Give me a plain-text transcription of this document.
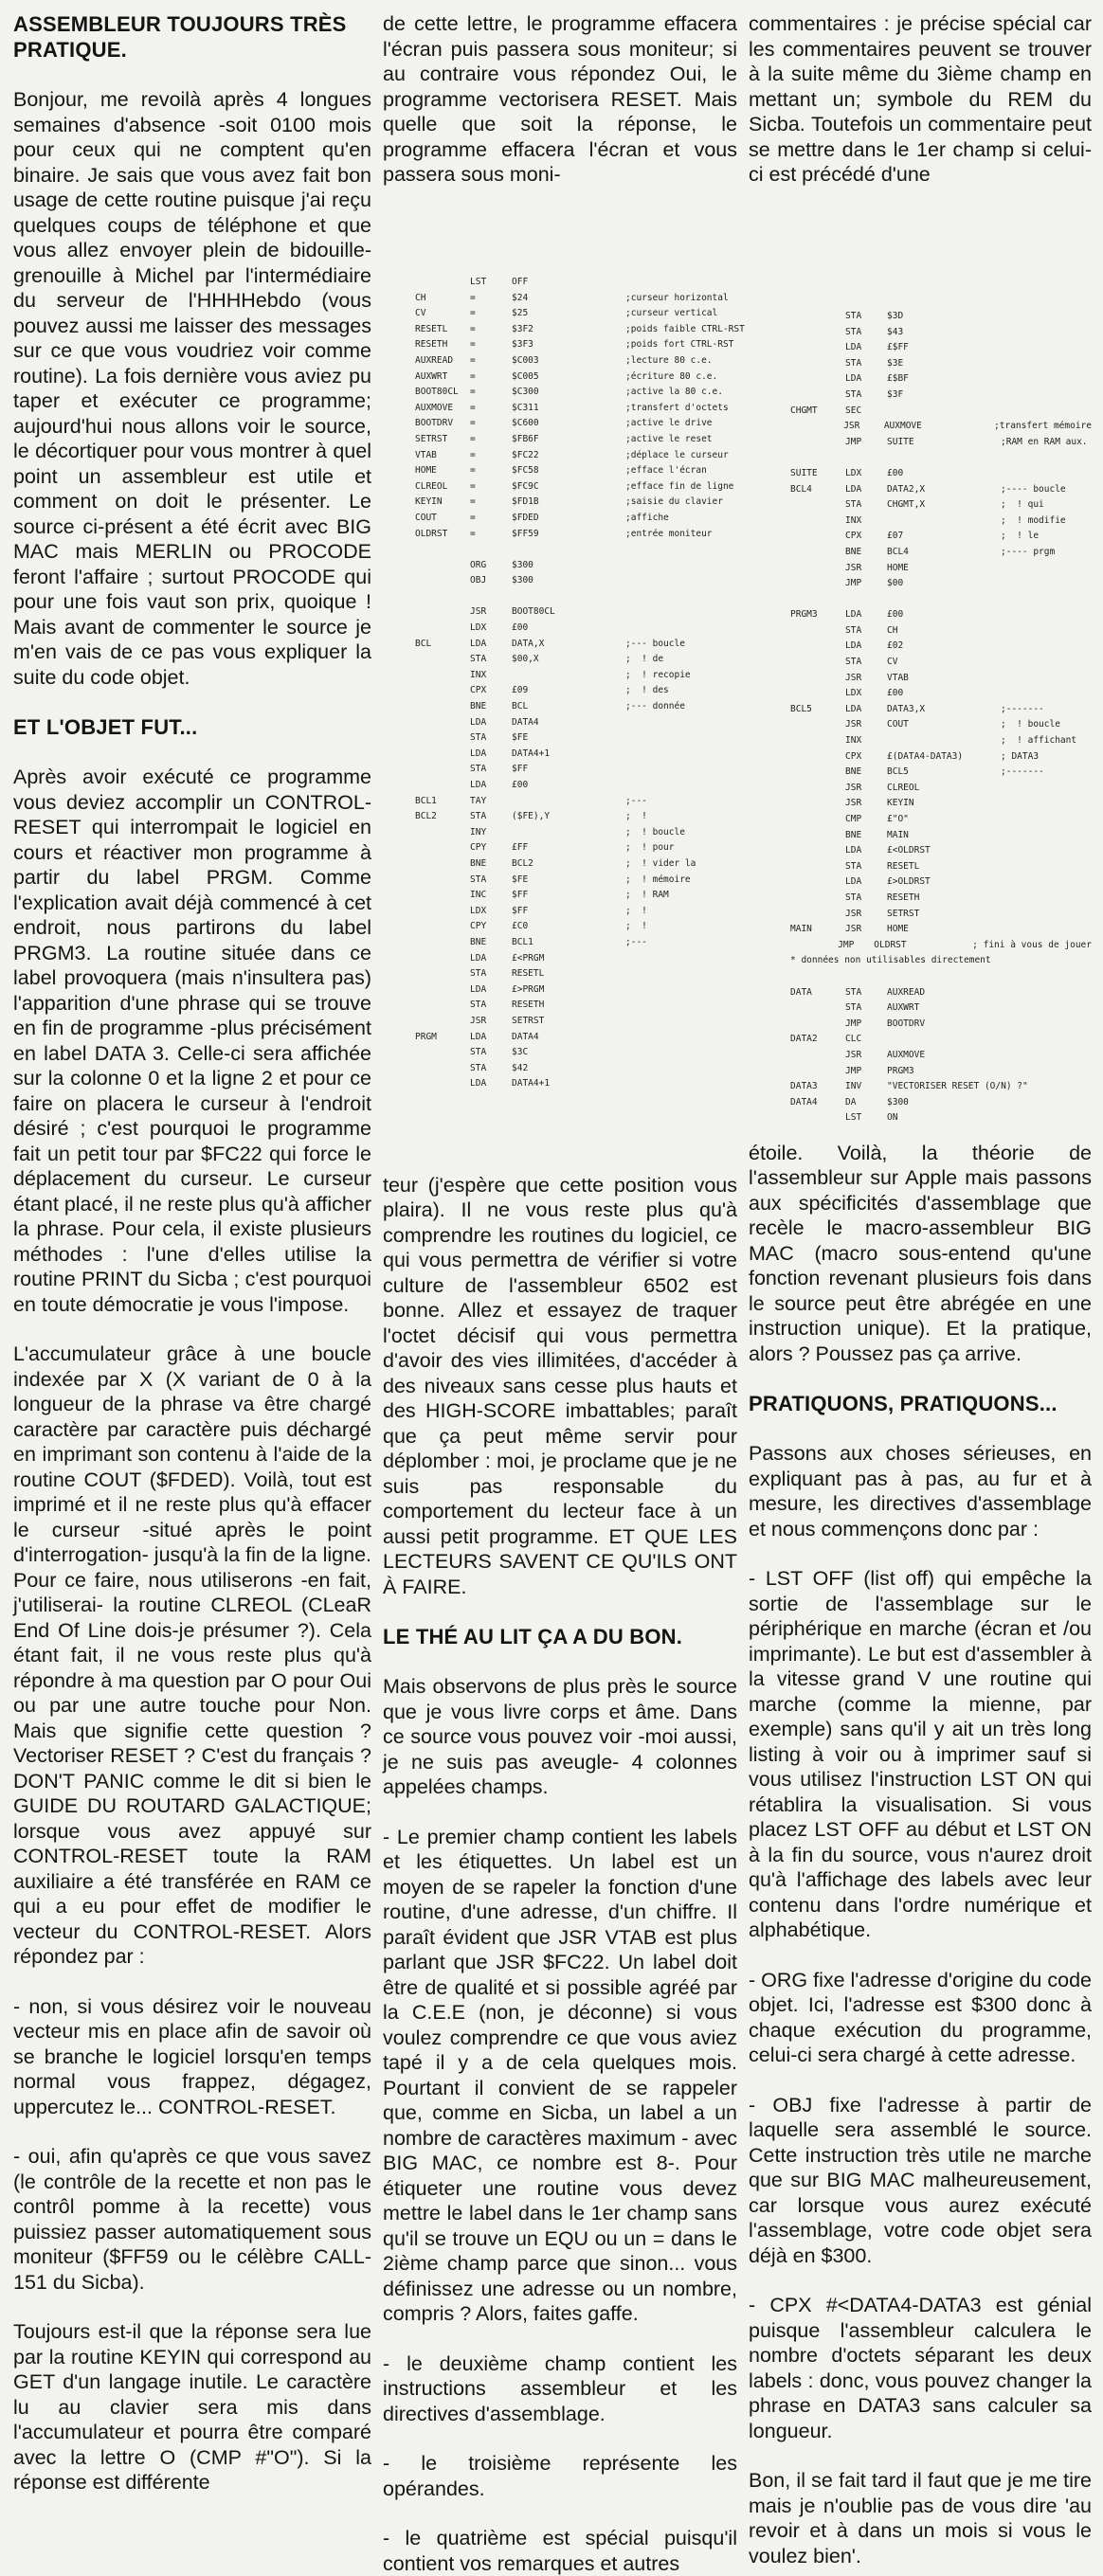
ASSEMBLEUR TOUJOURS TRÈS PRATIQUE.

Bonjour, me revoilà après 4 longues semaines d'absence -soit 0100 mois pour ceux qui ne comptent qu'en binaire. Je sais que vous avez fait bon usage de cette routine puisque j'ai reçu quelques coups de téléphone et que vous allez envoyer plein de bidouille-grenouille à Michel par l'intermédiaire du serveur de l'HHHHebdo (vous pouvez aussi me laisser des messages sur ce que vous voudriez voir comme routine). La fois dernière vous aviez pu taper et exécuter ce programme; aujourd'hui nous allons voir le source, le décortiquer pour vous montrer à quel point un assembleur est utile et comment on doit le présenter. Le source ci-présent a été écrit avec BIG MAC mais MERLIN ou PROCODE feront l'affaire ; surtout PROCODE qui pour une fois vaut son prix, quoique ! Mais avant de commenter le source je m'en vais de ce pas vous expliquer la suite du code objet.

ET L'OBJET FUT...

Après avoir exécuté ce programme vous deviez accomplir un CONTROL-RESET qui interrompait le logiciel en cours et réactiver mon programme à partir du label PRGM. Comme l'explication avait déjà commencé à cet endroit, nous partirons du label PRGM3. La routine située dans ce label provoquera (mais n'insultera pas) l'apparition d'une phrase qui se trouve en fin de programme -plus précisément en label DATA 3. Celle-ci sera affichée sur la colonne 0 et la ligne 2 et pour ce faire on placera le curseur à l'endroit désiré ; c'est pourquoi le programme fait un petit tour par $FC22 qui force le déplacement du curseur. Le curseur étant placé, il ne reste plus qu'à afficher la phrase. Pour cela, il existe plusieurs méthodes : l'une d'elles utilise la routine PRINT du Sicba ; c'est pourquoi en toute démocratie je vous l'impose.

L'accumulateur grâce à une boucle indexée par X (X variant de 0 à la longueur de la phrase va être chargé caractère par caractère puis déchargé en imprimant son contenu à l'aide de la routine COUT ($FDED). Voilà, tout est imprimé et il ne reste plus qu'à effacer le curseur -situé après le point d'interrogation- jusqu'à la fin de la ligne. Pour ce faire, nous utiliserons -en fait, j'utiliserai- la routine CLREOL (CLeaR End Of Line dois-je présumer ?). Cela étant fait, il ne vous reste plus qu'à répondre à ma question par O pour Oui ou par une autre touche pour Non. Mais que signifie cette question ? Vectoriser RESET ? C'est du français ? DON'T PANIC comme le dit si bien le GUIDE DU ROUTARD GALACTIQUE; lorsque vous avez appuyé sur CONTROL-RESET toute la RAM auxiliaire a été transférée en RAM ce qui a eu pour effet de modifier le vecteur du CONTROL-RESET. Alors répondez par :

- non, si vous désirez voir le nouveau vecteur mis en place afin de savoir où se branche le logiciel lorsqu'en temps normal vous frappez, dégagez, uppercutez le... CONTROL-RESET.

- oui, afin qu'après ce que vous savez (le contrôle de la recette et non pas le contrôl pomme à la recette) vous puissiez passer automatiquement sous moniteur ($FF59 ou le célèbre CALL-151 du Sicba).

Toujours est-il que la réponse sera lue par la routine KEYIN qui correspond au GET d'un langage inutile. Le caractère lu au clavier sera mis dans l'accumulateur et pourra être comparé avec la lettre O (CMP #"O"). Si la réponse est différente

de cette lettre, le programme effacera l'écran puis passera sous moniteur; si au contraire vous répondez Oui, le programme vectorisera RESET. Mais quelle que soit la réponse, le programme effacera l'écran et vous passera sous moni-

teur (j'espère que cette position vous plaira). Il ne vous reste plus qu'à comprendre les routines du logiciel, ce qui vous permettra de vérifier si votre culture de l'assembleur 6502 est bonne. Allez et essayez de traquer l'octet décisif qui vous permettra d'avoir des vies illimitées, d'accéder à des niveaux sans cesse plus hauts et des HIGH-SCORE imbattables; paraît que ça peut même servir pour déplomber : moi, je proclame que je ne suis pas responsable du comportement du lecteur face à un aussi petit programme. ET QUE LES LECTEURS SAVENT CE QU'ILS ONT À FAIRE.

LE THÉ AU LIT ÇA A DU BON.

Mais observons de plus près le source que je vous livre corps et âme. Dans ce source vous pouvez voir -moi aussi, je ne suis pas aveugle- 4 colonnes appelées champs.

- Le premier champ contient les labels et les étiquettes. Un label est un moyen de se rapeler la fonction d'une routine, d'une adresse, d'un chiffre. Il paraît évident que JSR VTAB est plus parlant que JSR $FC22. Un label doit être de qualité et si possible agréé par la C.E.E (non, je déconne) si vous voulez comprendre ce que vous aviez tapé il y a de cela quelques mois. Pourtant il convient de se rappeler que, comme en Sicba, un label a un nombre de caractères maximum - avec BIG MAC, ce nombre est 8-. Pour étiqueter une routine vous devez mettre le label dans le 1er champ sans qu'il se trouve un EQU ou un = dans le 2ième champ parce que sinon... vous définissez une adresse ou un nombre, compris ? Alors, faites gaffe.

- le deuxième champ contient les instructions assembleur et les directives d'assemblage.

- le troisième représente les opérandes.

- le quatrième est spécial puisqu'il contient vos remarques et autres

commentaires : je précise spécial car les commentaires peuvent se trouver à la suite même du 3ième champ en mettant un; symbole du REM du Sicba. Toutefois un commentaire peut se mettre dans le 1er champ si celui-ci est précédé d'une

étoile. Voilà, la théorie de l'assembleur sur Apple mais passons aux spécificités d'assemblage que recèle le macro-assembleur BIG MAC (macro sous-entend qu'une fonction revenant plusieurs fois dans le source peut être abrégée en une instruction unique). Et la pratique, alors ? Poussez pas ça arrive.

PRATIQUONS, PRATIQUONS...

Passons aux choses sérieuses, en expliquant pas à pas, au fur et à mesure, les directives d'assemblage et nous commençons donc par :

- LST OFF (list off) qui empêche la sortie de l'assemblage sur le périphérique en marche (écran et /ou imprimante). Le but est d'assembler à la vitesse grand V une routine qui marche (comme la mienne, par exemple) sans qu'il y ait un très long listing à voir ou à imprimer sauf si vous utilisez l'instruction LST ON qui rétablira la visualisation. Si vous placez LST OFF au début et LST ON à la fin du source, vous n'aurez droit qu'à l'affichage des labels avec leur contenu dans l'ordre numérique et alphabétique.

- ORG fixe l'adresse d'origine du code objet. Ici, l'adresse est $300 donc à chaque exécution du programme, celui-ci sera chargé à cette adresse.

- OBJ fixe l'adresse à partir de laquelle sera assemblé le source. Cette instruction très utile ne marche que sur BIG MAC malheureusement, car lorsque vous aurez exécuté l'assemblage, votre code objet sera déjà en $300.

- CPX #<DATA4-DATA3 est génial puisque l'assembleur calculera le nombre d'octets séparant les deux labels : donc, vous pouvez changer la phrase en DATA3 sans calculer sa longueur.

Bon, il se fait tard il faut que je me tire mais je n'oublie pas de vous dire 'au revoir et à dans un mois si vous le voulez bien'.

LST	OFF
CH	=	$24	;curseur horizontal
CV	=	$25	;curseur vertical
RESETL	=	$3F2	;poids faible CTRL-RST
RESETH	=	$3F3	;poids fort CTRL-RST
AUXREAD	=	$C003	;lecture 80 c.e.
AUXWRT	=	$C005	;écriture 80 c.e.
BOOT80CL	=	$C300	;active la 80 c.e.
AUXMOVE	=	$C311	;transfert d'octets
BOOTDRV	=	$C600	;active le drive
SETRST	=	$FB6F	;active le reset
VTAB	=	$FC22	;déplace le curseur
HOME	=	$FC58	;efface l'écran
CLREOL	=	$FC9C	;efface fin de ligne
KEYIN	=	$FD1B	;saisie du clavier
COUT	=	$FDED	;affiche
OLDRST	=	$FF59	;entrée moniteur
ORG	$300
OBJ	$300
JSR	BOOT80CL
LDX	£00
BCL	LDA	DATA,X	;--- boucle
STA	$00,X	;  ! de
INX	;  ! recopie
CPX	£09	;  ! des
BNE	BCL	;--- donnée
LDA	DATA4
STA	$FE
LDA	DATA4+1
STA	$FF
LDA	£00
BCL1	TAY	;---
BCL2	STA	($FE),Y	;  !
INY	;  ! boucle
CPY	£FF	;  ! pour
BNE	BCL2	;  ! vider la
STA	$FE	;  ! mémoire
INC	$FF	;  ! RAM
LDX	$FF	;  !
CPY	£C0	;  !
BNE	BCL1	;---
LDA	£<PRGM
STA	RESETL
LDA	£>PRGM
STA	RESETH
JSR	SETRST
PRGM	LDA	DATA4
STA	$3C
STA	$42
LDA	DATA4+1
STA	$3D
STA	$43
LDA	£$FF
STA	$3E
LDA	£$BF
STA	$3F
CHGMT	SEC
JSR	AUXMOVE	;transfert mémoire
JMP	SUITE	;RAM en RAM aux.
SUITE	LDX	£00
BCL4	LDA	DATA2,X	;---- boucle
STA	CHGMT,X	;  ! qui
INX	;  ! modifie
CPX	£07	;  ! le
BNE	BCL4	;---- prgm
JSR	HOME
JMP	$00
PRGM3	LDA	£00
STA	CH
LDA	£02
STA	CV
JSR	VTAB
LDX	£00
BCL5	LDA	DATA3,X	;-------
JSR	COUT	;  ! boucle
INX	;  ! affichant
CPX	£(DATA4-DATA3)	; DATA3
BNE	BCL5	;-------
JSR	CLREOL
JSR	KEYIN
CMP	£"O"
BNE	MAIN
LDA	£<OLDRST
STA	RESETL
LDA	£>OLDRST
STA	RESETH
JSR	SETRST
MAIN	JSR	HOME
JMP	OLDRST	; fini à vous de jouer
* données non utilisables directement
DATA	STA	AUXREAD
STA	AUXWRT
JMP	BOOTDRV
DATA2	CLC
JSR	AUXMOVE
JMP	PRGM3
DATA3	INV	"VECTORISER RESET (O/N) ?"
DATA4	DA	$300
LST	ON
